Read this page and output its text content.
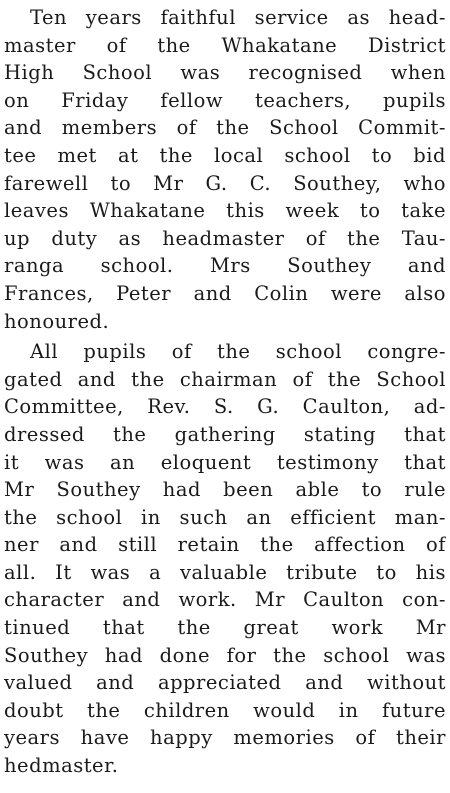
Ten years faithful service as head-
master of the Whakatane District
High School was recognised when
on Friday fellow teachers, pupils
and members of the School Commit-
tee met at the local school to bid
farewell to Mr G. C. Southey, who
leaves Whakatane this week to take
up duty as headmaster of the Tau-
ranga school. Mrs Southey and
Frances, Peter and Colin were also
honoured.
All pupils of the school congre-
gated and the chairman of the School
Committee, Rev. S. G. Caulton, ad-
dressed the gathering stating that
it was an eloquent testimony that
Mr Southey had been able to rule
the school in such an efficient man-
ner and still retain the affection of
all. It was a valuable tribute to his
character and work. Mr Caulton con-
tinued that the great work Mr
Southey had done for the school was
valued and appreciated and without
doubt the children would in future
years have happy memories of their
hedmaster.
